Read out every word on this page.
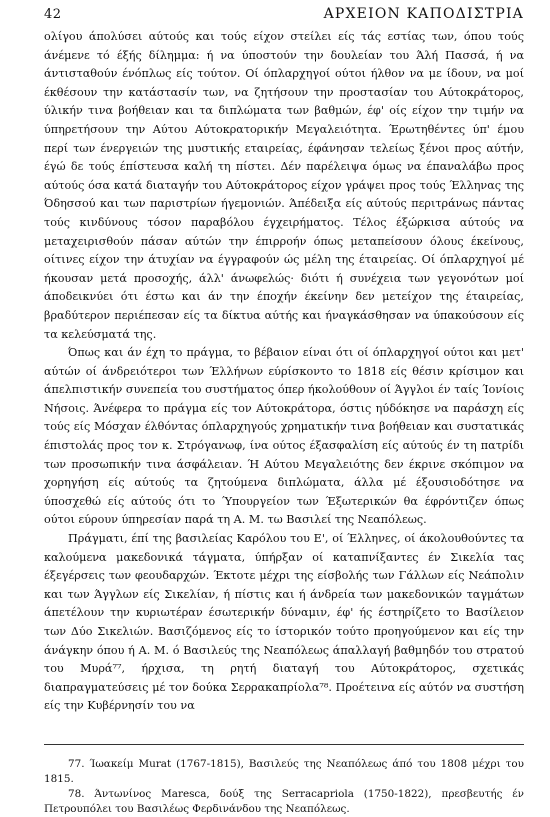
42	ΑΡΧΕΙΟΝ ΚΑΠΟΔΙΣΤΡΙΑ

ολίγου άπολύσει αύτούς και τούς είχον στείλει είς τάς εστίας των, όπου τούς άνέμενε τό έξής δίλημμα: ή να ύποστούν την δουλείαν του Άλή Πασσά, ή να άντισταθούν ένόπλως είς τούτον. Οί όπλαρχηγοί ούτοι ήλθον να με ίδουν, να μοί έκθέσουν την κατάστασίν των, να ζητήσουν την προστασίαν του Αύτοκράτορος, ύλικήν τινα βοήθειαν και τα διπλώματα των βαθμών, έφ' οίς είχον την τιμήν να ύπηρετήσουν την Αύτου Αύτοκρατορικήν Μεγαλειότητα. Έρωτηθέντες ύπ' έμου περί των ένεργειών της μυστικής εταιρείας, έφάνησαν τελείως ξένοι προς αύτήν, έγώ δε τούς έπίστευσα καλή τη πίστει. Δέν παρέλειψα όμως να έπαναλάβω προς αύτούς όσα κατά διαταγήν του Αύτοκράτορος είχον γράψει προς τούς Έλληνας της Όδησσού και των παριστρίων ήγεμονιών. Άπέδειξα είς αύτούς περιτράνως πάντας τούς κινδύνους τόσον παραβόλου έγχειρήματος. Τέλος έξώρκισα αύτούς να μεταχειρισθούν πάσαν αύτών την έπιρροήν όπως μεταπείσουν όλους έκείνους, οίτινες είχον την άτυχίαν να έγγραφούν ώς μέλη της έταιρείας. Οί όπλαρχηγοί μέ ήκουσαν μετά προσοχής, άλλ' άνωφελώς· διότι ή συνέχεια των γεγονότων μοί άποδεικνύει ότι έστω και άν την έποχήν έκείνην δεν μετείχον της έταιρείας, βραδύτερον περιέπεσαν είς τα δίκτυα αύτής και ήναγκάσθησαν να ύπακούσουν είς τα κελεύσματά της.

Όπως και άν έχη το πράγμα, το βέβαιον είναι ότι οί όπλαρχηγοί ούτοι και μετ' αύτών οί άνδρειότεροι των Έλλήνων εύρίσκοντο το 1818 είς θέσιν κρίσιμον και άπελπιστικήν συνεπεία του συστήματος όπερ ήκολούθουν οί Άγγλοι έν ταίς Ίονίοις Νήσοις. Άνέφερα το πράγμα είς τον Αύτοκράτορα, όστις ηύδόκησε να παράσχη είς τούς είς Μόσχαν έλθόντας όπλαρχηγούς χρηματικήν τινα βοήθειαν και συστατικάς έπιστολάς προς τον κ. Στρόγανωφ, ίνα ούτος έξασφαλίση είς αύτούς έν τη πατρίδι των προσωπικήν τινα άσφάλειαν. Ή Αύτου Μεγαλειότης δεν έκρινε σκόπιμον να χορηγήση είς αύτούς τα ζητούμενα διπλώματα, άλλα μέ έξουσιοδότησε να ύποσχεθώ είς αύτούς ότι το Ύπουργείον των Έξωτερικών θα έφρόντιζεν όπως ούτοι εύρουν ύπηρεσίαν παρά τη Α. Μ. τω Βασιλεί της Νεαπόλεως.

Πράγματι, έπί της βασιλείας Καρόλου του Ε', οί Έλληνες, οί άκολουθούντες τα καλούμενα μακεδονικά τάγματα, ύπήρξαν οί καταπνίξαντες έν Σικελία τας έξεγέρσεις των φεουδαρχών. Έκτοτε μέχρι της είσβολής των Γάλλων είς Νεάπολιν και των Άγγλων είς Σικελίαν, ή πίστις και ή άνδρεία των μακεδονικών ταγμάτων άπετέλουν την κυριωτέραν έσωτερικήν δύναμιν, έφ' ής έστηρίζετο το Βασίλειον των Δύο Σικελιών. Βασιζόμενος είς το ίστορικόν τούτο προηγούμενον και είς την άνάγκην όπου ή Α. Μ. ό Βασιλεύς της Νεαπόλεως άπαλλαγή βαθμηδόν του στρατού του Μυρά⁷⁷, ήρχισα, τη ρητή διαταγή του Αύτοκράτορος, σχετικάς διαπραγματεύσεις μέ τον δούκα Σερρακαπρίολα⁷⁸. Προέτεινα είς αύτόν να συστήση είς την Κυβέρνησίν του να

77. Ίωακείμ Murat (1767-1815), Βασιλεύς της Νεαπόλεως άπό του 1808 μέχρι του 1815.

78. Άντωνίνος Maresca, δούξ της Serracapriola (1750-1822), πρεσβευτής έν Πετρουπόλει του Βασιλέως Φερδινάνδου της Νεαπόλεως.
